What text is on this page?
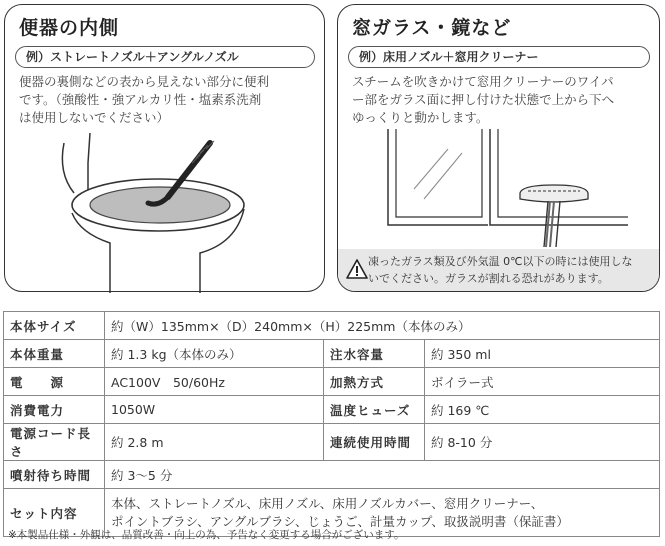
便器の内側
例）ストレートノズル＋アングルノズル
便器の裏側などの表から見えない部分に便利
です。（強酸性・強アルカリ性・塩素系洗剤
は使用しないでください）
窓ガラス・鏡など
例）床用ノズル＋窓用クリーナー
スチームを吹きかけて窓用クリーナーのワイパ
ー部をガラス面に押し付けた状態で上から下へ
ゆっくりと動かします。
凍ったガラス類及び外気温 0℃以下の時には使用しな
いでください。ガラスが割れる恐れがあります。
本体サイズ	約（W）135mm×（D）240mm×（H）225mm（本体のみ）		
本体重量	約 1.3 kg（本体のみ）	注水容量	約 350 ml
電　　源	AC100V　50/60Hz	加熱方式	ボイラー式
消費電力	1050W	温度ヒューズ	約 169 ℃
電源コード長さ	約 2.8 m	連続使用時間	約 8-10 分
噴射待ち時間	約 3～5 分		
セット内容	本体、ストレートノズル、床用ノズル、床用ノズルカバー、窓用クリーナー、
ポイントブラシ、アングルブラシ、じょうご、計量カップ、取扱説明書（保証書）		
※本製品仕様・外観は、品質改善・向上の為、予告なく変更する場合がございます。
